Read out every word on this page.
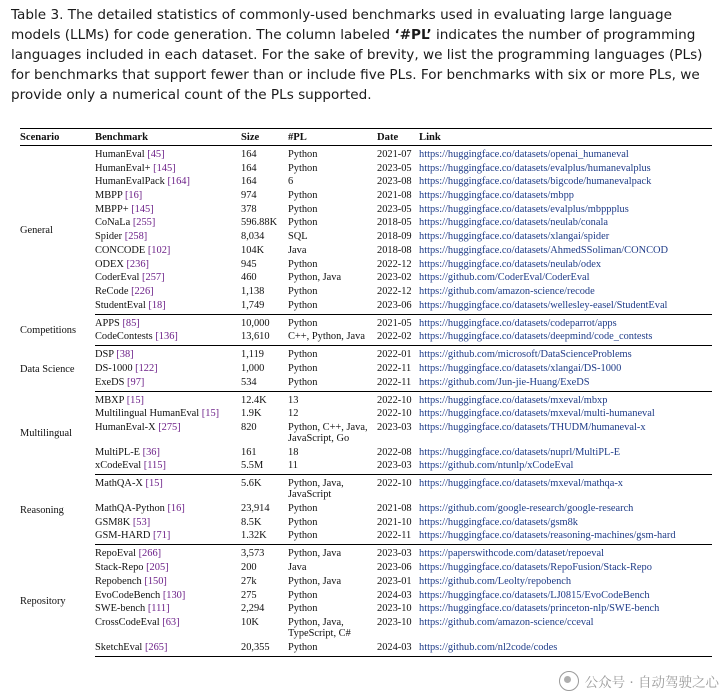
Table 3. The detailed statistics of commonly-used benchmarks used in evaluating large language models (LLMs) for code generation. The column labeled ‘#PL’ indicates the number of programming languages included in each dataset. For the sake of brevity, we list the programming languages (PLs) for benchmarks that support fewer than or include five PLs. For benchmarks with six or more PLs, we provide only a numerical count of the PLs supported.
Scenario	Benchmark	Size	#PL	Date	Link
General	HumanEval [45]	164	Python	2021-07	https://huggingface.co/datasets/openai_humaneval
	HumanEval+ [145]	164	Python	2023-05	https://huggingface.co/datasets/evalplus/humanevalplus
	HumanEvalPack [164]	164	6	2023-08	https://huggingface.co/datasets/bigcode/humanevalpack
	MBPP [16]	974	Python	2021-08	https://huggingface.co/datasets/mbpp
	MBPP+ [145]	378	Python	2023-05	https://huggingface.co/datasets/evalplus/mbppplus
	CoNaLa [255]	596.88K	Python	2018-05	https://huggingface.co/datasets/neulab/conala
	Spider [258]	8,034	SQL	2018-09	https://huggingface.co/datasets/xlangai/spider
	CONCODE [102]	104K	Java	2018-08	https://huggingface.co/datasets/AhmedSSoliman/CONCOD
	ODEX [236]	945	Python	2022-12	https://huggingface.co/datasets/neulab/odex
	CoderEval [257]	460	Python, Java	2023-02	https://github.com/CoderEval/CoderEval
	ReCode [226]	1,138	Python	2022-12	https://github.com/amazon-science/recode
	StudentEval [18]	1,749	Python	2023-06	https://huggingface.co/datasets/wellesley-easel/StudentEval
Competitions	APPS [85]	10,000	Python	2021-05	https://huggingface.co/datasets/codeparrot/apps
	CodeContests [136]	13,610	C++, Python, Java	2022-02	https://huggingface.co/datasets/deepmind/code_contests
Data Science	DSP [38]	1,119	Python	2022-01	https://github.com/microsoft/DataScienceProblems
	DS-1000 [122]	1,000	Python	2022-11	https://huggingface.co/datasets/xlangai/DS-1000
	ExeDS [97]	534	Python	2022-11	https://github.com/Jun-jie-Huang/ExeDS
Multilingual	MBXP [15]	12.4K	13	2022-10	https://huggingface.co/datasets/mxeval/mbxp
	Multilingual HumanEval [15]	1.9K	12	2022-10	https://huggingface.co/datasets/mxeval/multi-humaneval
	HumanEval-X [275]	820	Python, C++, Java, JavaScript, Go	2023-03	https://huggingface.co/datasets/THUDM/humaneval-x
	MultiPL-E [36]	161	18	2022-08	https://huggingface.co/datasets/nuprl/MultiPL-E
	xCodeEval [115]	5.5M	11	2023-03	https://github.com/ntunlp/xCodeEval
Reasoning	MathQA-X [15]	5.6K	Python, Java, JavaScript	2022-10	https://huggingface.co/datasets/mxeval/mathqa-x
	MathQA-Python [16]	23,914	Python	2021-08	https://github.com/google-research/google-research
	GSM8K [53]	8.5K	Python	2021-10	https://huggingface.co/datasets/gsm8k
	GSM-HARD [71]	1.32K	Python	2022-11	https://huggingface.co/datasets/reasoning-machines/gsm-hard
Repository	RepoEval [266]	3,573	Python, Java	2023-03	https://paperswithcode.com/dataset/repoeval
	Stack-Repo [205]	200	Java	2023-06	https://huggingface.co/datasets/RepoFusion/Stack-Repo
	Repobench [150]	27k	Python, Java	2023-01	https://github.com/Leolty/repobench
	EvoCodeBench [130]	275	Python	2024-03	https://huggingface.co/datasets/LJ0815/EvoCodeBench
	SWE-bench [111]	2,294	Python	2023-10	https://huggingface.co/datasets/princeton-nlp/SWE-bench
	CrossCodeEval [63]	10K	Python, Java, TypeScript, C#	2023-10	https://github.com/amazon-science/cceval
	SketchEval [265]	20,355	Python	2024-03	https://github.com/nl2code/codes
公众号 · 自动驾驶之心
